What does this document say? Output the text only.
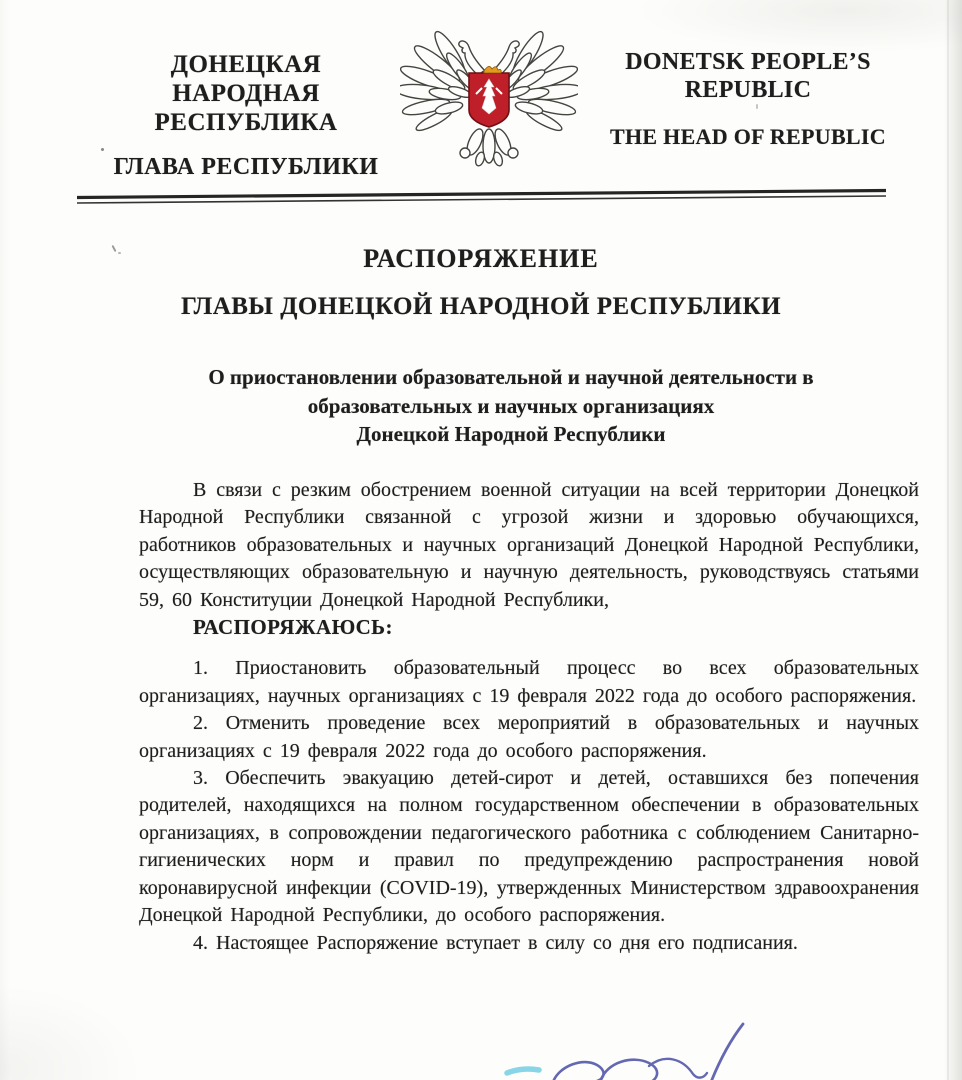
ДОНЕЦКАЯ НАРОДНАЯ
РЕСПУБЛИКА
ГЛАВА РЕСПУБЛИКИ
DONETSK PEOPLE’S
REPUBLIC
THE HEAD OF REPUBLIC
РАСПОРЯЖЕНИЕ
ГЛАВЫ ДОНЕЦКОЙ НАРОДНОЙ РЕСПУБЛИКИ
О приостановлении образовательной и научной деятельности в
образовательных и научных организациях
Донецкой Народной Республики

В связи с резким обострением военной ситуации на всей территории Донецкой Народной Республики связанной с угрозой жизни и здоровью обучающихся, работников образовательных и научных организаций Донецкой Народной Республики, осуществляющих образовательную и научную деятельность, руководствуясь статьями 59, 60 Конституции Донецкой Народной Республики,

РАСПОРЯЖАЮСЬ:

1. Приостановить образовательный процесс во всех образовательных организациях, научных организациях с 19 февраля 2022 года до особого распоряжения.

2. Отменить проведение всех мероприятий в образовательных и научных организациях с 19 февраля 2022 года до особого распоряжения.

3. Обеспечить эвакуацию детей-сирот и детей, оставшихся без попечения родителей, находящихся на полном государственном обеспечении в образовательных организациях, в сопровождении педагогического работника с соблюдением Санитарно-гигиенических норм и правил по предупреждению распространения новой коронавирусной инфекции (COVID-19), утвержденных Министерством здравоохранения Донецкой Народной Республики, до особого распоряжения.

4. Настоящее Распоряжение вступает в силу со дня его подписания.
